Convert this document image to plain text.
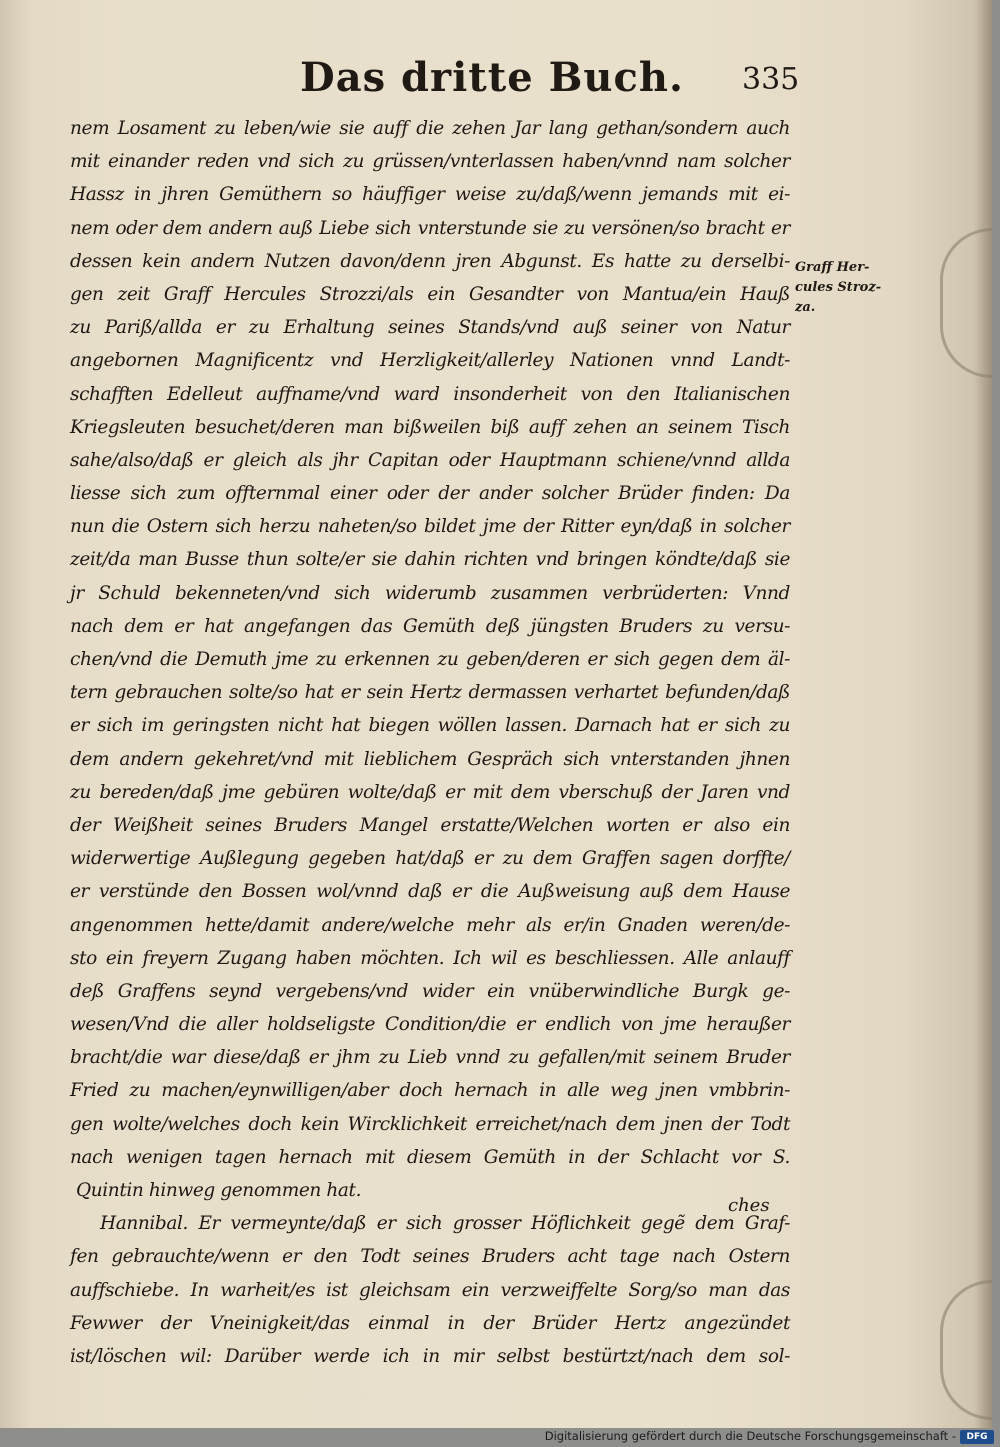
Das dritte Buch. 335
nem Losament zu leben/wie sie auff die zehen Jar lang gethan/sondern auch
mit einander reden vnd sich zu grüssen/vnterlassen haben/vnnd nam solcher
Hassz in jhren Gemüthern so häuffiger weise zu/daß/wenn jemands mit ei-
nem oder dem andern auß Liebe sich vnterstunde sie zu versönen/so bracht er
dessen kein andern Nutzen davon/denn jren Abgunst. Es hatte zu derselbi-
gen zeit Graff Hercules Strozzi/als ein Gesandter von Mantua/ein Hauß
zu Pariß/allda er zu Erhaltung seines Stands/vnd auß seiner von Natur
angebornen Magnificentz vnd Herzligkeit/allerley Nationen vnnd Landt-
schafften Edelleut auffname/vnd ward insonderheit von den Italianischen
Kriegsleuten besuchet/deren man bißweilen biß auff zehen an seinem Tisch
sahe/also/daß er gleich als jhr Capitan oder Hauptmann schiene/vnnd allda
liesse sich zum offternmal einer oder der ander solcher Brüder finden: Da
nun die Ostern sich herzu naheten/so bildet jme der Ritter eyn/daß in solcher
zeit/da man Busse thun solte/er sie dahin richten vnd bringen köndte/daß sie
jr Schuld bekenneten/vnd sich widerumb zusammen verbrüderten: Vnnd
nach dem er hat angefangen das Gemüth deß jüngsten Bruders zu versu-
chen/vnd die Demuth jme zu erkennen zu geben/deren er sich gegen dem äl-
tern gebrauchen solte/so hat er sein Hertz dermassen verhartet befunden/daß
er sich im geringsten nicht hat biegen wöllen lassen. Darnach hat er sich zu
dem andern gekehret/vnd mit lieblichem Gespräch sich vnterstanden jhnen
zu bereden/daß jme gebüren wolte/daß er mit dem vberschuß der Jaren vnd
der Weißheit seines Bruders Mangel erstatte/Welchen worten er also ein
widerwertige Außlegung gegeben hat/daß er zu dem Graffen sagen dorffte/
er verstünde den Bossen wol/vnnd daß er die Außweisung auß dem Hause
angenommen hette/damit andere/welche mehr als er/in Gnaden weren/de-
sto ein freyern Zugang haben möchten. Ich wil es beschliessen. Alle anlauff
deß Graffens seynd vergebens/vnd wider ein vnüberwindliche Burgk ge-
wesen/Vnd die aller holdseligste Condition/die er endlich von jme heraußer
bracht/die war diese/daß er jhm zu Lieb vnnd zu gefallen/mit seinem Bruder
Fried zu machen/eynwilligen/aber doch hernach in alle weg jnen vmbbrin-
gen wolte/welches doch kein Wircklichkeit erreichet/nach dem jnen der Todt
nach wenigen tagen hernach mit diesem Gemüth in der Schlacht vor S.
Quintin hinweg genommen hat.
Hannibal. Er vermeynte/daß er sich grosser Höflichkeit gegẽ dem Graf-
fen gebrauchte/wenn er den Todt seines Bruders acht tage nach Ostern
auffschiebe. In warheit/es ist gleichsam ein verzweiffelte Sorg/so man das
Fewwer der Vneinigkeit/das einmal in der Brüder Hertz angezündet
ist/löschen wil: Darüber werde ich in mir selbst bestürtzt/nach dem sol-
Graff Her-
cules Stroz-
za.
ches
Digitalisierung gefördert durch die Deutsche Forschungsgemeinschaft -	DFG
